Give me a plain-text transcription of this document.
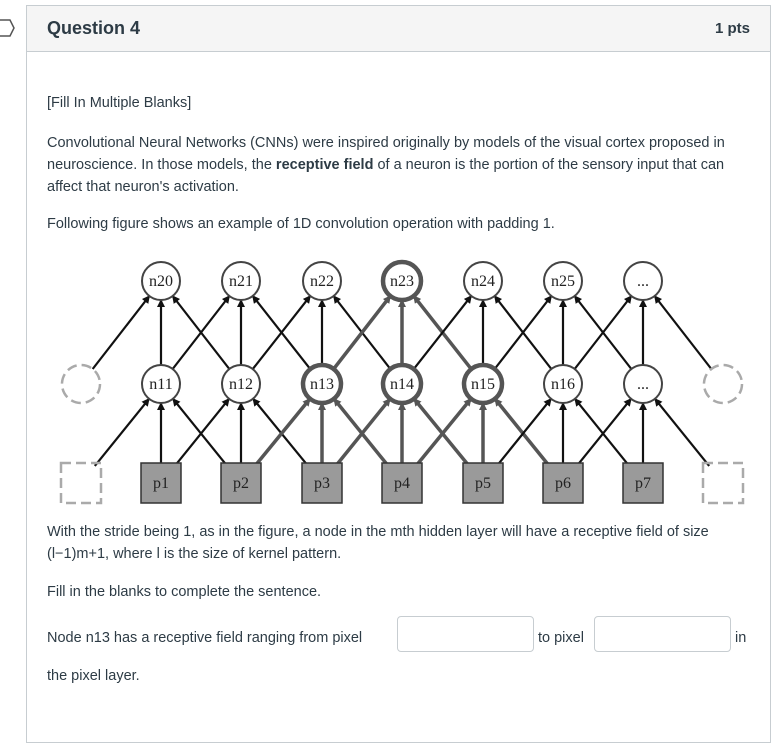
Question 4	1 pts
[Fill In Multiple Blanks]
Convolutional Neural Networks (CNNs) were inspired originally by models of the visual cortex proposed in neuroscience. In those models, the receptive field of a neuron is the portion of the sensory input that can affect that neuron's activation.
Following figure shows an example of 1D convolution operation with padding 1.
n20	n21	n22	n23	n24	n25	...
n11	n12	n13	n14	n15	n16	...
p1	p2	p3	p4	p5	p6	p7
With the stride being 1, as in the figure, a node in the mth hidden layer will have a receptive field of size (l−1)m+1, where l is the size of kernel pattern.
Fill in the blanks to complete the sentence.
Node n13 has a receptive field ranging from pixel	to pixel	in
the pixel layer.
